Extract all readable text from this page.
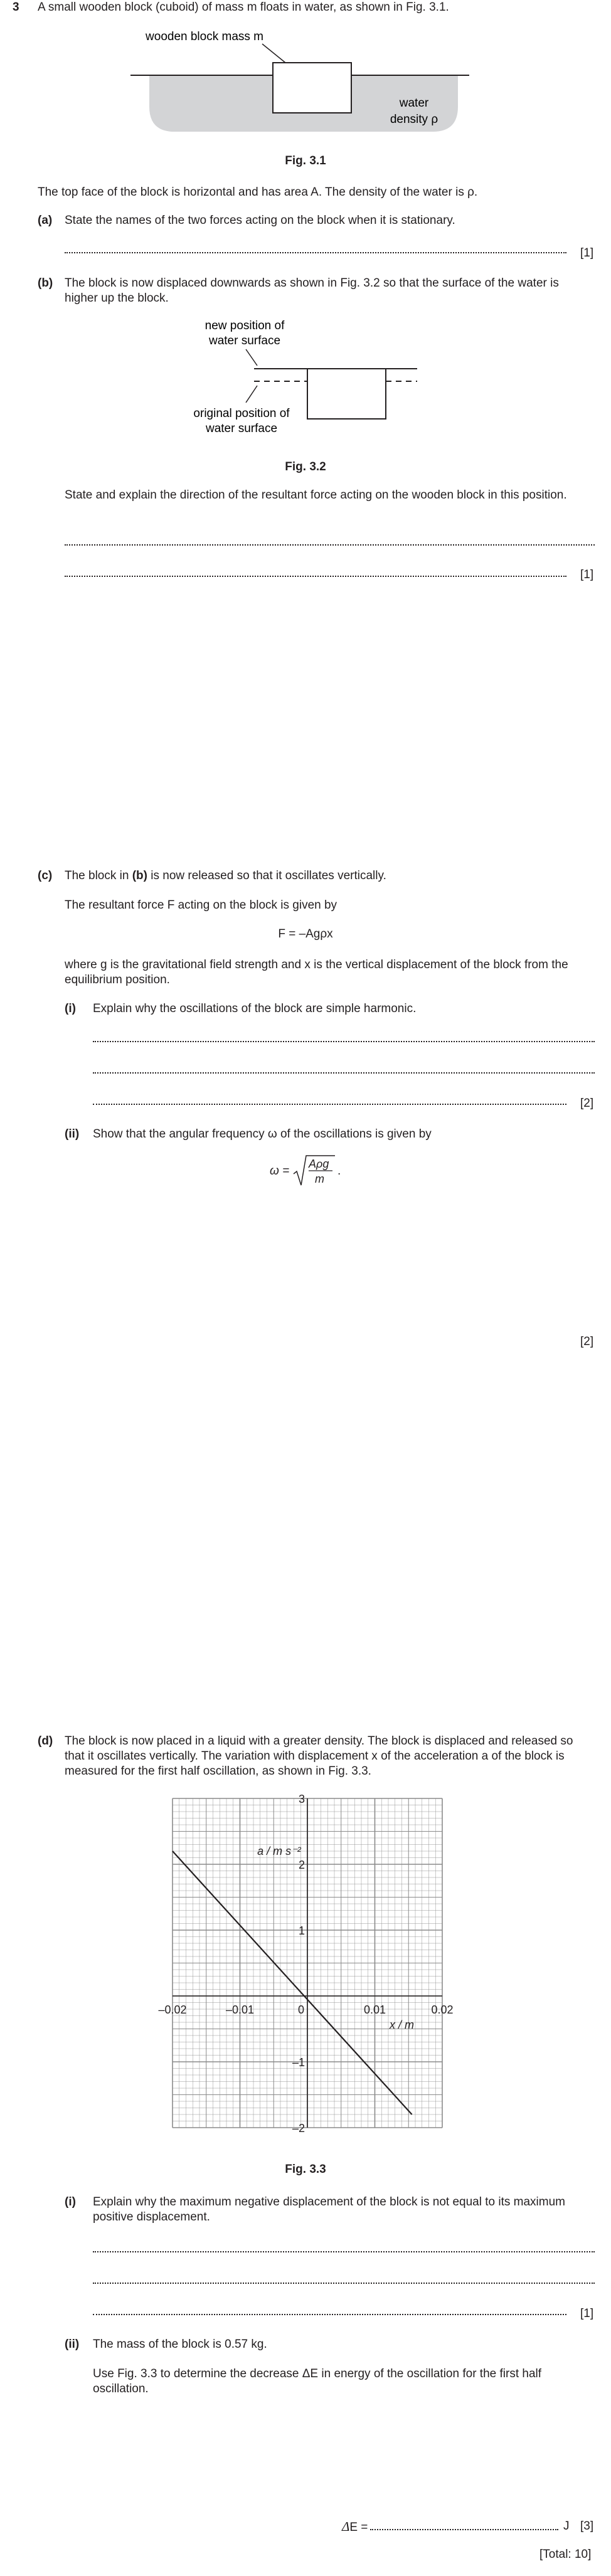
3 A small wooden block (cuboid) of mass m floats in water, as shown in Fig. 3.1.
wooden block mass m
water
density ρ
Fig. 3.1
The top face of the block is horizontal and has area A. The density of the water is ρ.
(a) State the names of the two forces acting on the block when it is stationary.
[1]
(b) The block is now displaced downwards as shown in Fig. 3.2 so that the surface of the water is higher up the block.
new position of
water surface
original position of
water surface
Fig. 3.2
State and explain the direction of the resultant force acting on the wooden block in this position.
[1]
(c) The block in (b) is now released so that it oscillates vertically.
The resultant force F acting on the block is given by
F = –Agρx
where g is the gravitational field strength and x is the vertical displacement of the block from the equilibrium position.
(i) Explain why the oscillations of the block are simple harmonic.
[2]
(ii) Show that the angular frequency ω of the oscillations is given by
ω =
Aρg
m
.
[2]
(d) The block is now placed in a liquid with a greater density. The block is displaced and released so that it oscillates vertically. The variation with displacement x of the acceleration a of the block is measured for the first half oscillation, as shown in Fig. 3.3.
–0.02	–0.01	0	0.01	0.02
–2
–1
1
2
3
x / m
a / m s⁻²
Fig. 3.3
(i) Explain why the maximum negative displacement of the block is not equal to its maximum positive displacement.
[1]
(ii) The mass of the block is 0.57 kg.
Use Fig. 3.3 to determine the decrease ΔE in energy of the oscillation for the first half oscillation.
ΔE =	J [3]
[Total: 10]
